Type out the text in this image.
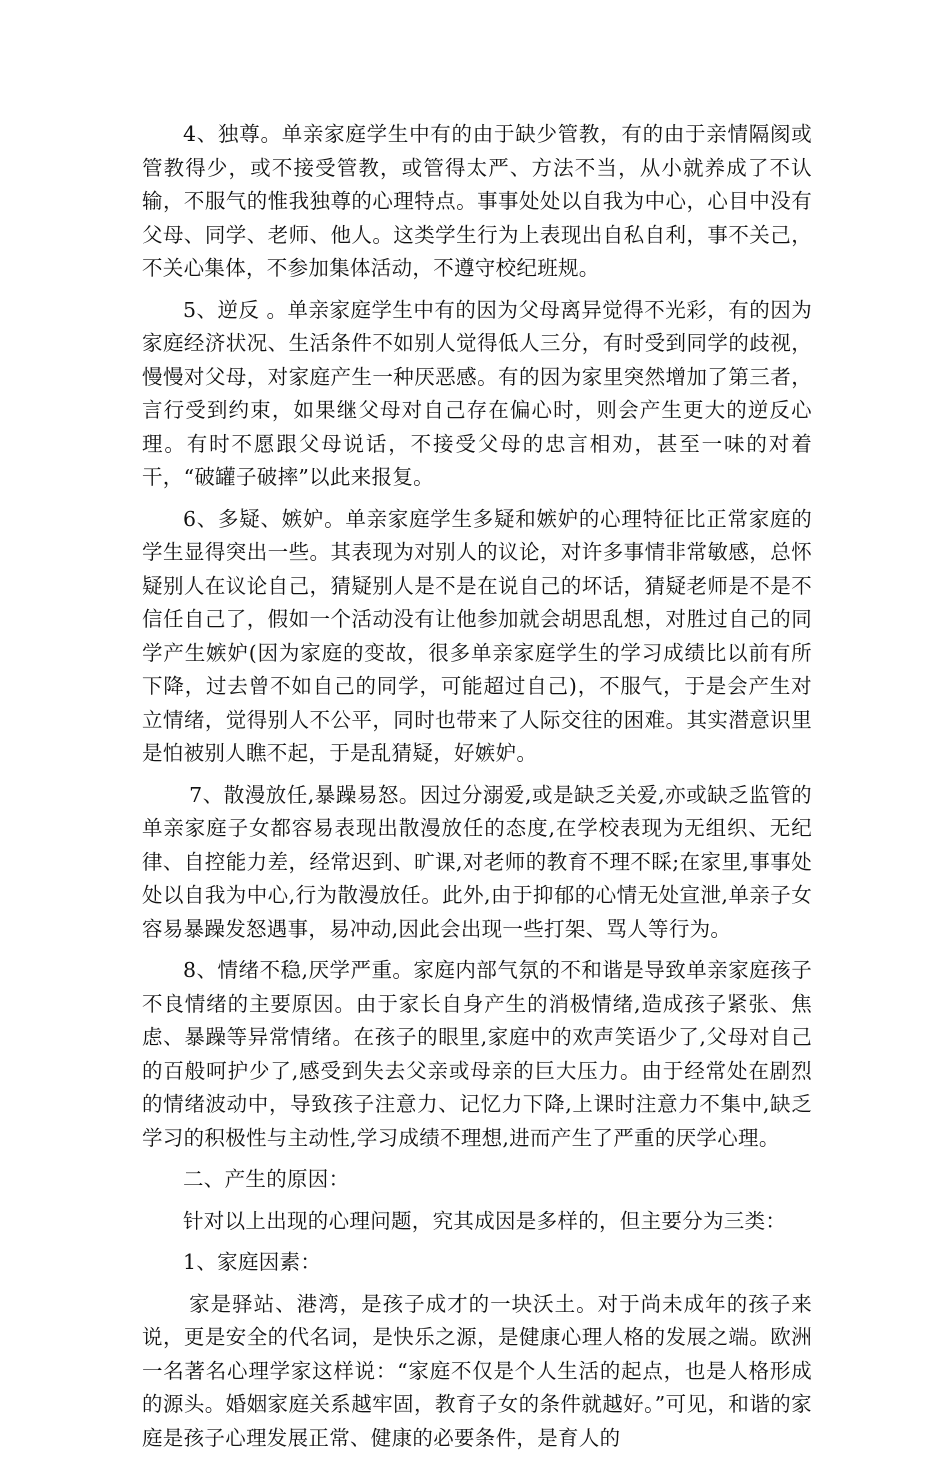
4、独尊。单亲家庭学生中有的由于缺少管教，有的由于亲情隔阂或管教得少，或不接受管教，或管得太严、方法不当，从小就养成了不认输，不服气的惟我独尊的心理特点。事事处处以自我为中心，心目中没有父母、同学、老师、他人。这类学生行为上表现出自私自利，事不关己，不关心集体，不参加集体活动，不遵守校纪班规。

5、逆反 。单亲家庭学生中有的因为父母离异觉得不光彩，有的因为家庭经济状况、生活条件不如别人觉得低人三分，有时受到同学的歧视，慢慢对父母，对家庭产生一种厌恶感。有的因为家里突然增加了第三者，言行受到约束，如果继父母对自己存在偏心时，则会产生更大的逆反心理。有时不愿跟父母说话，不接受父母的忠言相劝，甚至一味的对着干，“破罐子破摔”以此来报复。

6、多疑、嫉妒。单亲家庭学生多疑和嫉妒的心理特征比正常家庭的学生显得突出一些。其表现为对别人的议论，对许多事情非常敏感，总怀疑别人在议论自己，猜疑别人是不是在说自己的坏话，猜疑老师是不是不信任自己了，假如一个活动没有让他参加就会胡思乱想，对胜过自己的同学产生嫉妒(因为家庭的变故，很多单亲家庭学生的学习成绩比以前有所下降，过去曾不如自己的同学，可能超过自己)，不服气，于是会产生对立情绪，觉得别人不公平，同时也带来了人际交往的困难。其实潜意识里是怕被别人瞧不起，于是乱猜疑，好嫉妒。

7、散漫放任,暴躁易怒。因过分溺爱,或是缺乏关爱,亦或缺乏监管的单亲家庭子女都容易表现出散漫放任的态度,在学校表现为无组织、无纪律、自控能力差，经常迟到、旷课,对老师的教育不理不睬;在家里,事事处处以自我为中心,行为散漫放任。此外,由于抑郁的心情无处宣泄,单亲子女容易暴躁发怒遇事，易冲动,因此会出现一些打架、骂人等行为。

8、情绪不稳,厌学严重。家庭内部气氛的不和谐是导致单亲家庭孩子不良情绪的主要原因。由于家长自身产生的消极情绪,造成孩子紧张、焦虑、暴躁等异常情绪。在孩子的眼里,家庭中的欢声笑语少了,父母对自己的百般呵护少了,感受到失去父亲或母亲的巨大压力。由于经常处在剧烈的情绪波动中，导致孩子注意力、记忆力下降,上课时注意力不集中,缺乏学习的积极性与主动性,学习成绩不理想,进而产生了严重的厌学心理。

二、产生的原因：

针对以上出现的心理问题，究其成因是多样的，但主要分为三类：

1、家庭因素：

家是驿站、港湾，是孩子成才的一块沃土。对于尚未成年的孩子来说，更是安全的代名词，是快乐之源，是健康心理人格的发展之端。欧洲一名著名心理学家这样说：“家庭不仅是个人生活的起点，也是人格形成的源头。婚姻家庭关系越牢固，教育子女的条件就越好。”可见，和谐的家庭是孩子心理发展正常、健康的必要条件，是育人的
